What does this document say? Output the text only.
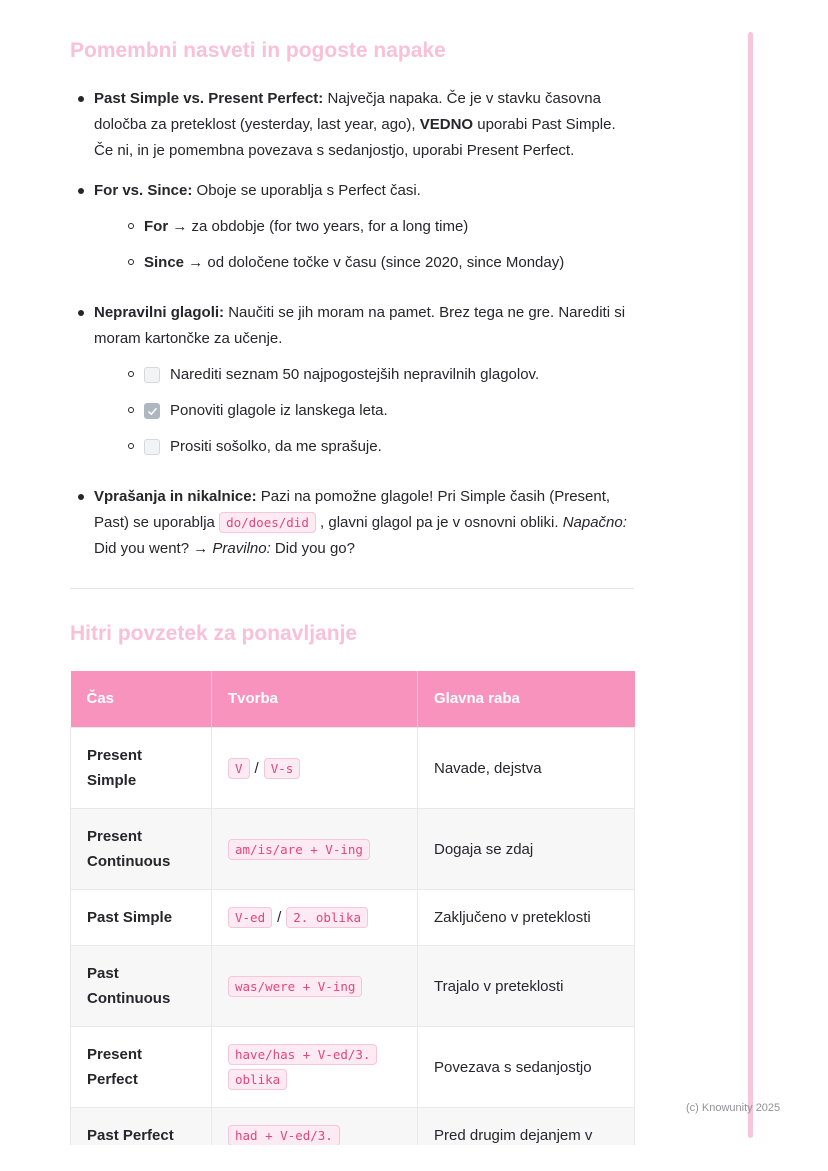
Pomembni nasveti in pogoste napake
Past Simple vs. Present Perfect: Največja napaka. Če je v stavku časovna določba za preteklost (yesterday, last year, ago), VEDNO uporabi Past Simple. Če ni, in je pomembna povezava s sedanjostjo, uporabi Present Perfect.
For vs. Since: Oboje se uporablja s Perfect časi.
For → za obdobje (for two years, for a long time)
Since → od določene točke v času (since 2020, since Monday)
Nepravilni glagoli: Naučiti se jih moram na pamet. Brez tega ne gre. Narediti si moram kartončke za učenje.
Narediti seznam 50 najpogostejših nepravilnih glagolov.
Ponoviti glagole iz lanskega leta.
Prositi sošolko, da me sprašuje.
Vprašanja in nikalnice: Pazi na pomožne glagole! Pri Simple časih (Present, Past) se uporablja do/does/did , glavni glagol pa je v osnovni obliki. Napačno: Did you went? → Pravilno: Did you go?
Hitri povzetek za ponavljanje
Čas	Tvorba	Glavna raba
Present Simple	V / V-s	Navade, dejstva
Present Continuous	am/is/are + V-ing	Dogaja se zdaj
Past Simple	V-ed / 2. oblika	Zaključeno v preteklosti
Past Continuous	was/were + V-ing	Trajalo v preteklosti
Present Perfect	have/has + V-ed/3. oblika	Povezava s sedanjostjo
Past Perfect	had + V-ed/3.	Pred drugim dejanjem v
(c) Knowunity 2025
